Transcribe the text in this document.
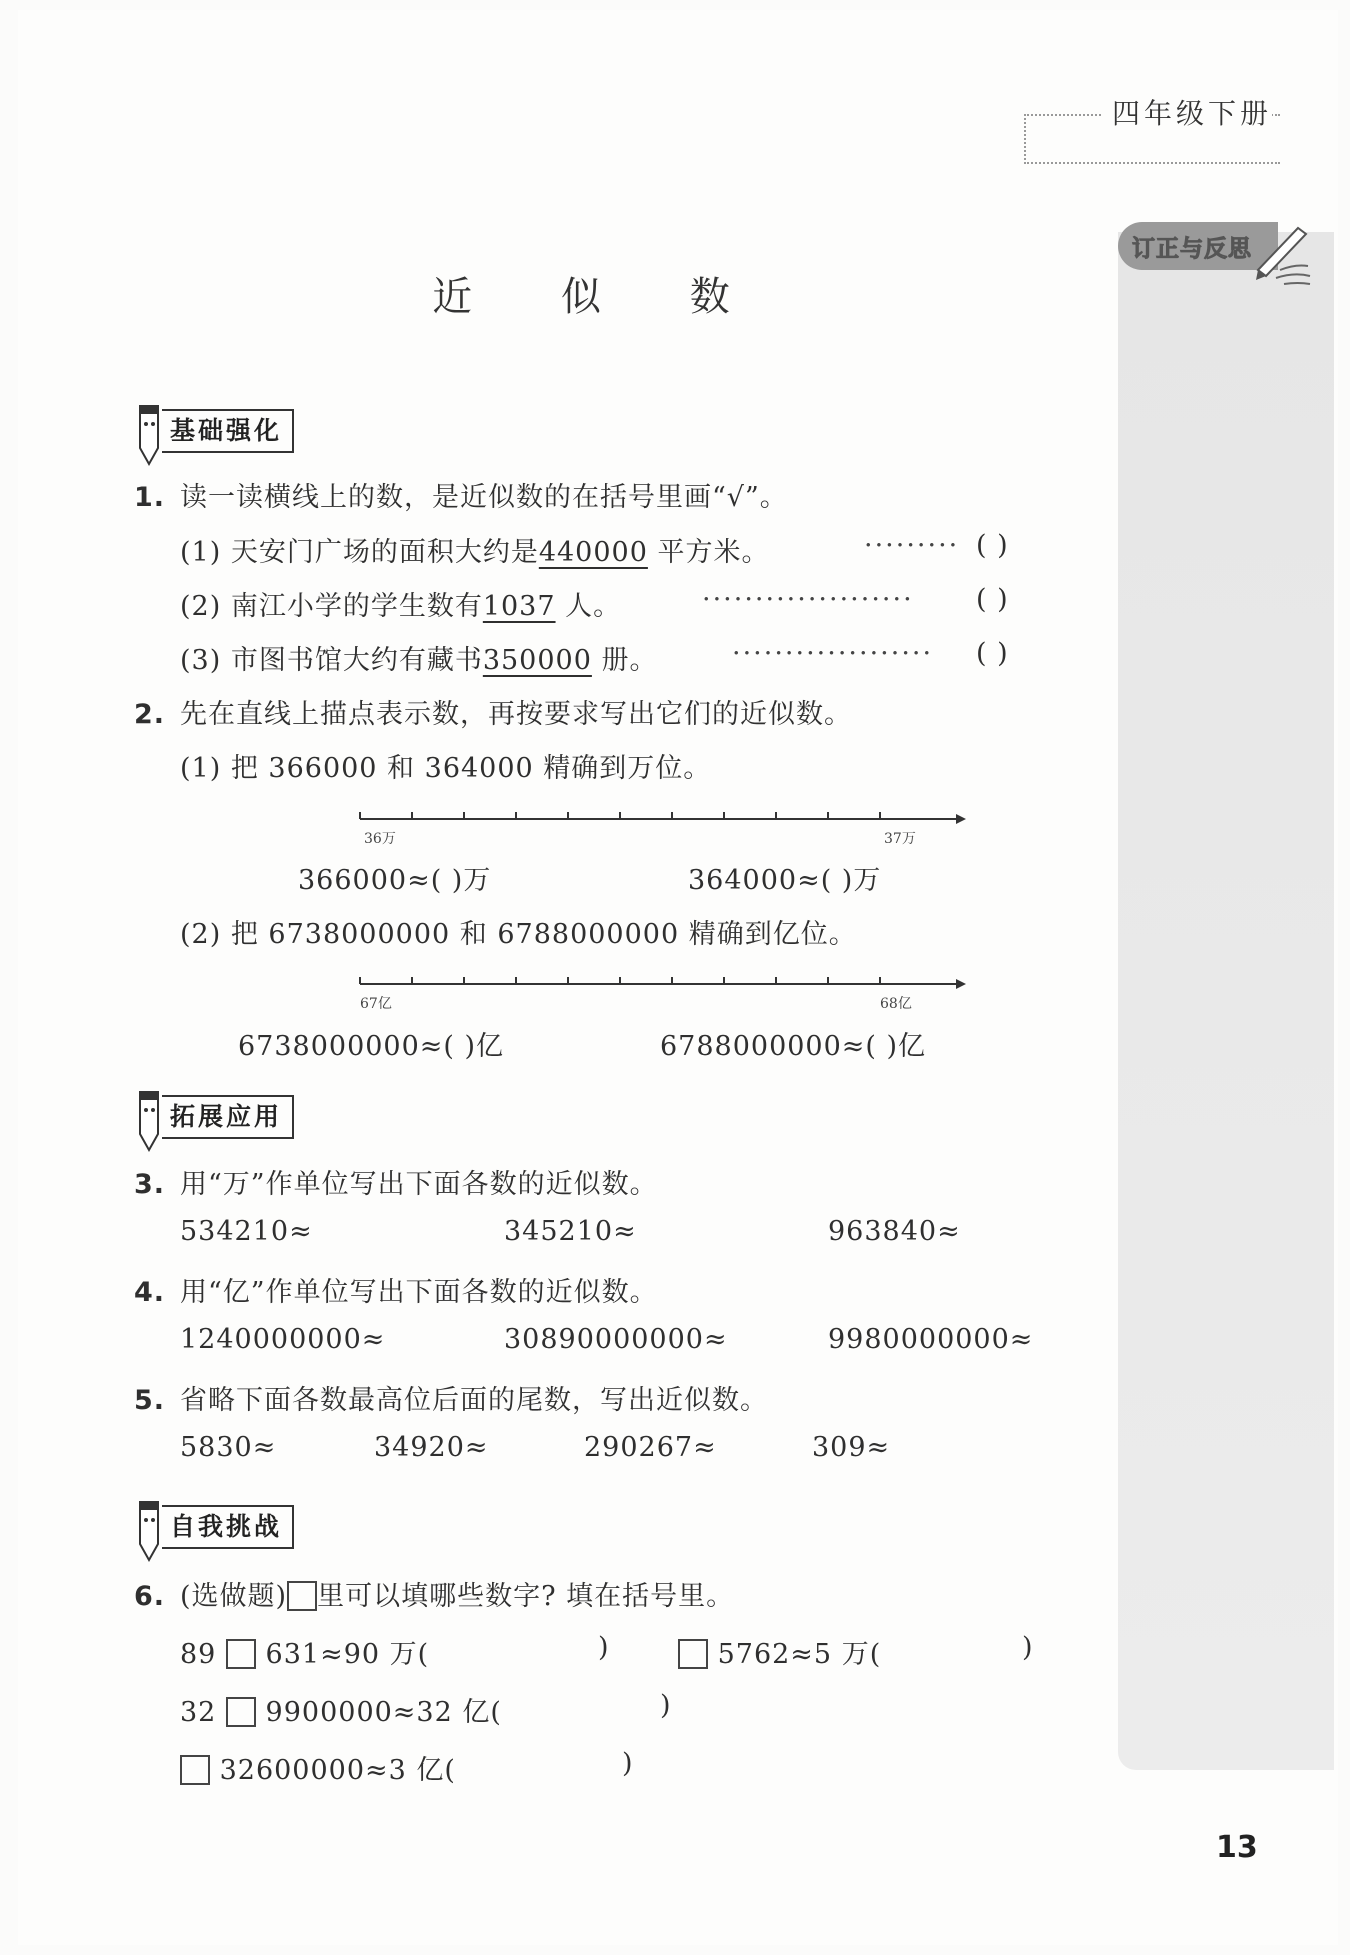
订正与反思
四年级下册
近 似 数
基础强化
1. 读一读横线上的数，是近似数的在括号里画“√”。
(1) 天安门广场的面积大约是440000 平方米。	········· ( )
(2) 南江小学的学生数有1037 人。	···················· ( )
(3) 市图书馆大约有藏书350000 册。	··················· ( )
2. 先在直线上描点表示数，再按要求写出它们的近似数。
(1) 把 366000 和 364000 精确到万位。
36万	37万
366000≈( )万	364000≈( )万
(2) 把 6738000000 和 6788000000 精确到亿位。
67亿	68亿
6738000000≈( )亿	6788000000≈( )亿
拓展应用
3. 用“万”作单位写出下面各数的近似数。
534210≈	345210≈	963840≈
4. 用“亿”作单位写出下面各数的近似数。
1240000000≈	30890000000≈	9980000000≈
5. 省略下面各数最高位后面的尾数，写出近似数。
5830≈	34920≈	290267≈	309≈
自我挑战
6. (选做题) 里可以填哪些数字? 填在括号里。
89 631≈90 万(	)	5762≈5 万(	)
32 9900000≈32 亿(	)
32600000≈3 亿(	)
13
